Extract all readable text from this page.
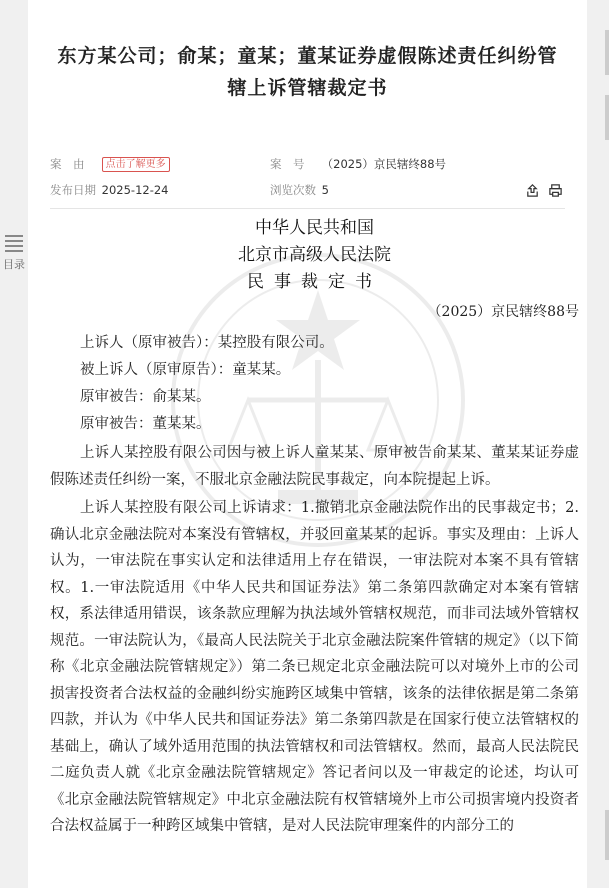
目录
东方某公司；俞某；童某；董某证券虚假陈述责任纠纷管辖上诉管辖裁定书
案　由 点击了解更多	案　号 （2025）京民辖终88号
发布日期 2025-12-24	浏览次数 5

中华人民共和国
北京市高级人民法院
民事裁定书
（2025）京民辖终88号

上诉人（原审被告）：某控股有限公司。

被上诉人（原审原告）：童某某。

原审被告：俞某某。

原审被告：董某某。

上诉人某控股有限公司因与被上诉人童某某、原审被告俞某某、董某某证券虚假陈述责任纠纷一案，不服北京金融法院民事裁定，向本院提起上诉。

上诉人某控股有限公司上诉请求：1.撤销北京金融法院作出的民事裁定书；2.确认北京金融法院对本案没有管辖权，并驳回童某某的起诉。事实及理由：上诉人认为，一审法院在事实认定和法律适用上存在错误，一审法院对本案不具有管辖权。1.一审法院适用《中华人民共和国证券法》第二条第四款确定对本案有管辖权，系法律适用错误，该条款应理解为执法域外管辖权规范，而非司法域外管辖权规范。一审法院认为，《最高人民法院关于北京金融法院案件管辖的规定》（以下简称《北京金融法院管辖规定》）第二条已规定北京金融法院可以对境外上市的公司损害投资者合法权益的金融纠纷实施跨区域集中管辖，该条的法律依据是第二条第四款，并认为《中华人民共和国证券法》第二条第四款是在国家行使立法管辖权的基础上，确认了域外适用范围的执法管辖权和司法管辖权。然而，最高人民法院民二庭负责人就《北京金融法院管辖规定》答记者问以及一审裁定的论述，均认可《北京金融法院管辖规定》中北京金融法院有权管辖境外上市公司损害境内投资者合法权益属于一种跨区域集中管辖，是对人民法院审理案件的内部分工的
